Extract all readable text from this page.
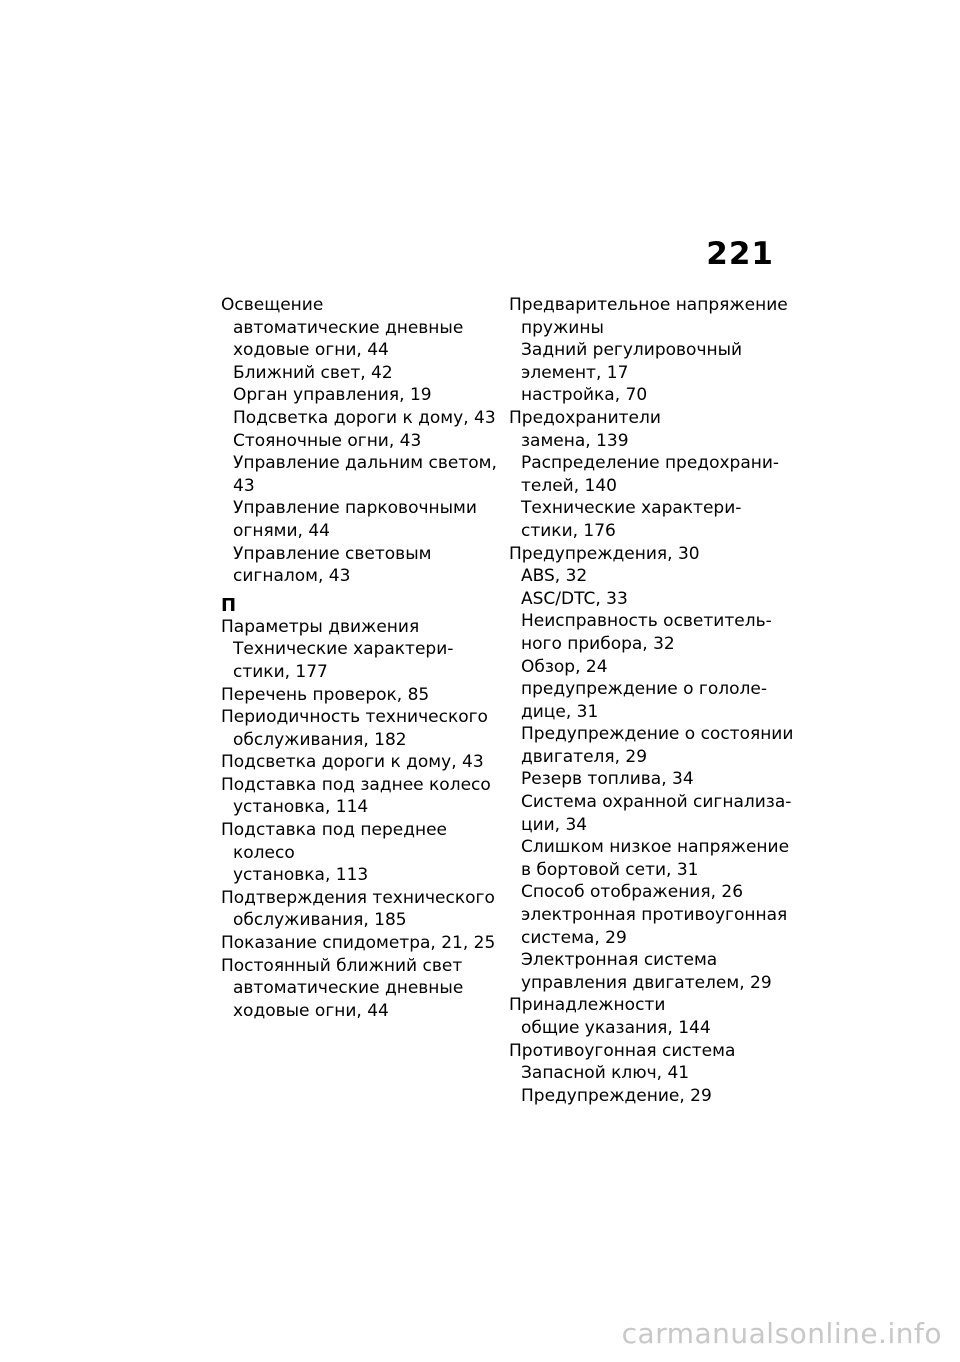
221
Освещение
автоматические дневные ходовые огни, 44
Ближний свет, 42
Орган управления, 19
Подсветка дороги к дому, 43
Стояночные огни, 43
Управление дальним светом, 43
Управление парковочными огнями, 44
Управление световым сигналом, 43
П
Параметры движения
Технические характери-стики, 177
Перечень проверок, 85
Периодичность технического обслуживания, 182
Подсветка дороги к дому, 43
Подставка под заднее колесо
установка, 114
Подставка под переднее колесо
установка, 113
Подтверждения технического обслуживания, 185
Показание спидометра, 21, 25
Постоянный ближний свет
автоматические дневные ходовые огни, 44
Предварительное напряжение пружины
Задний регулировочный элемент, 17
настройка, 70
Предохранители
замена, 139
Распределение предохрани-телей, 140
Технические характери-стики, 176
Предупреждения, 30
ABS, 32
ASC/DTC, 33
Неисправность осветитель-ного прибора, 32
Обзор, 24
предупреждение о гололе-дице, 31
Предупреждение о состоянии двигателя, 29
Резерв топлива, 34
Система охранной сигнализа-ции, 34
Слишком низкое напряжение в бортовой сети, 31
Способ отображения, 26
электронная противоугонная система, 29
Электронная система управления двигателем, 29
Принадлежности
общие указания, 144
Противоугонная система
Запасной ключ, 41
Предупреждение, 29
carmanualsonline.info
